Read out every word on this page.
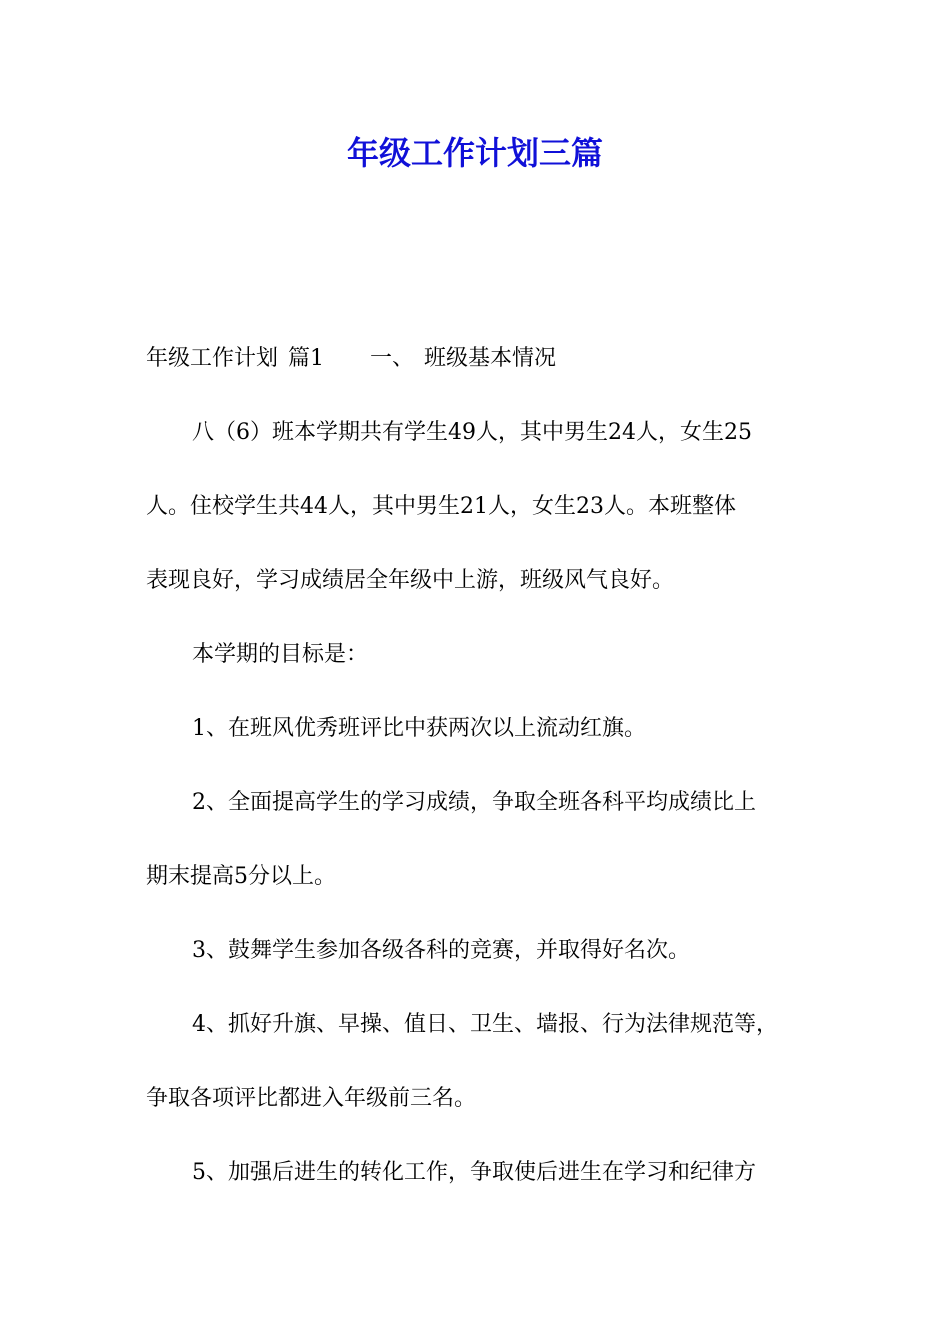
年级工作计划三篇
年级工作计划 篇1 一、 班级基本情况
八（6）班本学期共有学生49人，其中男生24人，女生25
人。住校学生共44人，其中男生21人，女生23人。本班整体
表现良好，学习成绩居全年级中上游，班级风气良好。
本学期的目标是：
1、在班风优秀班评比中获两次以上流动红旗。
2、全面提高学生的学习成绩，争取全班各科平均成绩比上
期末提高5分以上。
3、鼓舞学生参加各级各科的竞赛，并取得好名次。
4、抓好升旗、早操、值日、卫生、墙报、行为法律规范等，
争取各项评比都进入年级前三名。
5、加强后进生的转化工作，争取使后进生在学习和纪律方
